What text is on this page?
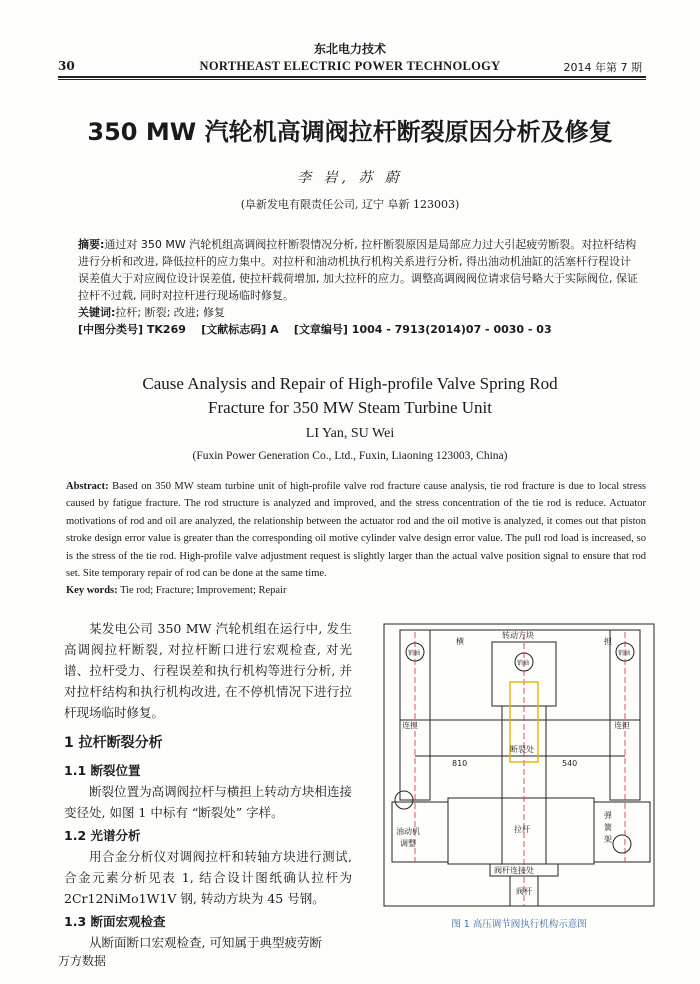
东北电力技术
30	NORTHEAST ELECTRIC POWER TECHNOLOGY	2014 年第 7 期
350 MW 汽轮机高调阀拉杆断裂原因分析及修复
李 岩, 苏 蔚
(阜新发电有限责任公司, 辽宁 阜新 123003)
摘要:通过对 350 MW 汽轮机组高调阀拉杆断裂情况分析, 拉杆断裂原因是局部应力过大引起疲劳断裂。对拉杆结构进行分析和改进, 降低拉杆的应力集中。对拉杆和油动机执行机构关系进行分析, 得出油动机油缸的活塞杆行程设计误差值大于对应阀位设计误差值, 使拉杆载荷增加, 加大拉杆的应力。调整高调阀阀位请求信号略大于实际阀位, 保证拉杆不过载, 同时对拉杆进行现场临时修复。
关键词:拉杆; 断裂; 改进; 修复
[中图分类号] TK269    [文献标志码] A    [文章编号] 1004 - 7913(2014)07 - 0030 - 03
Cause Analysis and Repair of High-profile Valve Spring Rod Fracture for 350 MW Steam Turbine Unit
LI Yan, SU Wei
(Fuxin Power Generation Co., Ltd., Fuxin, Liaoning 123003, China)
Abstract: Based on 350 MW steam turbine unit of high-profile valve rod fracture cause analysis, tie rod fracture is due to local stress caused by fatigue fracture. The rod structure is analyzed and improved, and the stress concentration of the tie rod is reduce. Actuator motivations of rod and oil are analyzed, the relationship between the actuator rod and the oil motive is analyzed, it comes out that piston stroke design error value is greater than the corresponding oil motive cylinder valve design error value. The pull rod load is increased, so is the stress of the tie rod. High-profile valve adjustment request is slightly larger than the actual valve position signal to ensure that rod set. Site temporary repair of rod can be done at the same time.
Key words: Tie rod; Fracture; Improvement; Repair

某发电公司 350 MW 汽轮机组在运行中, 发生高调阀拉杆断裂, 对拉杆断口进行宏观检查, 对光谱、拉杆受力、行程误差和执行机构等进行分析, 并对拉杆结构和执行机构改进, 在不停机情况下进行拉杆现场临时修复。

1 拉杆断裂分析
1.1 断裂位置

断裂位置为高调阀拉杆与横担上转动方块相连接变径处, 如图 1 中标有 “断裂处” 字样。

1.2 光谱分析

用合金分析仪对调阀拉杆和转轴方块进行测试, 合金元素分析见表 1, 结合设计图纸确认拉杆为 2Cr12NiMo1W1V 钢, 转动方块为 45 号钢。

1.3 断面宏观检查

从断面断口宏观检查, 可知属于典型疲劳断

横	担
转动方块
销轴	销轴
销轴
连担	连担
断裂处
810	540
拉杆
弹
簧
架
油动机
调整
阀杆连接处
阀杆
图 1 高压调节阀执行机构示意图
万方数据
